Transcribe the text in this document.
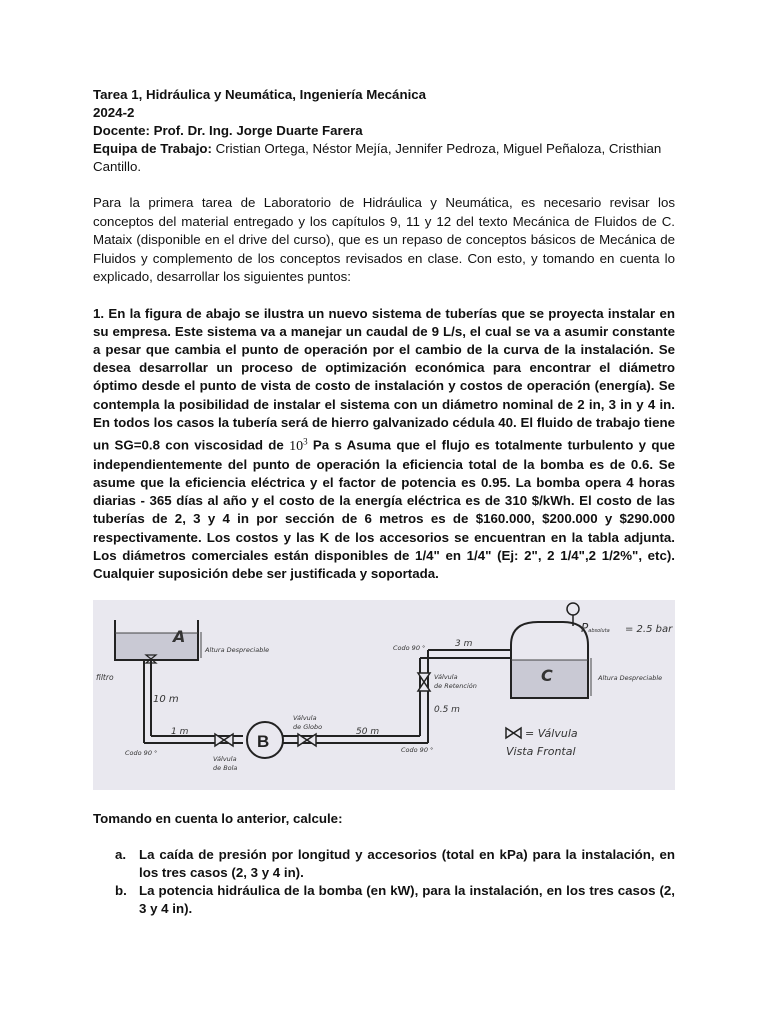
Tarea 1, Hidráulica y Neumática, Ingeniería Mecánica
2024-2
Docente: Prof. Dr. Ing. Jorge Duarte Farera
Equipa de Trabajo: Cristian Ortega, Néstor Mejía, Jennifer Pedroza, Miguel Peñaloza, Cristhian Cantillo.
Para la primera tarea de Laboratorio de Hidráulica y Neumática, es necesario revisar los conceptos del material entregado y los capítulos 9, 11 y 12 del texto Mecánica de Fluidos de C. Mataix (disponible en el drive del curso), que es un repaso de conceptos básicos de Mecánica de Fluidos y complemento de los conceptos revisados en clase. Con esto, y tomando en cuenta lo explicado, desarrollar los siguientes puntos:
1. En la figura de abajo se ilustra un nuevo sistema de tuberías que se proyecta instalar en su empresa. Este sistema va a manejar un caudal de 9 L/s, el cual se va a asumir constante a pesar que cambia el punto de operación por el cambio de la curva de la instalación. Se desea desarrollar un proceso de optimización económica para encontrar el diámetro óptimo desde el punto de vista de costo de instalación y costos de operación (energía). Se contempla la posibilidad de instalar el sistema con un diámetro nominal de 2 in, 3 in y 4 in. En todos los casos la tubería será de hierro galvanizado cédula 40. El fluido de trabajo tiene un SG=0.8 con viscosidad de $10^3$ Pa s Asuma que el flujo es totalmente turbulento y que independientemente del punto de operación la eficiencia total de la bomba es de 0.6. Se asume que la eficiencia eléctrica y el factor de potencia es 0.95. La bomba opera 4 horas diarias - 365 días al año y el costo de la energía eléctrica es de 310 $/kWh. El costo de las tuberías de 2, 3 y 4 in por sección de 6 metros es de $160.000, $200.000 y $290.000 respectivamente. Los costos y las K de los accesorios se encuentran en la tabla adjunta. Los diámetros comerciales están disponibles de 1/4" en 1/4" (Ej: 2", 2 1/4",2 1/2%", etc). Cualquier suposición debe ser justificada y soportada.
A
Altura Despreciable
filtro
10 m
1 m
Codo 90 °
Válvula
de Bola
B
Válvula
de Globo	50 m
Codo 90 °
Válvula
de Retención
0.5 m
Codo 90 °	3 m
C	Altura Despreciable
Pabsoluta = 2.5 bar
= Válvula
Vista Frontal
Tomando en cuenta lo anterior, calcule:
a. La caída de presión por longitud y accesorios (total en kPa) para la instalación, en los tres casos (2, 3 y 4 in).
b. La potencia hidráulica de la bomba (en kW), para la instalación, en los tres casos (2, 3 y 4 in).
